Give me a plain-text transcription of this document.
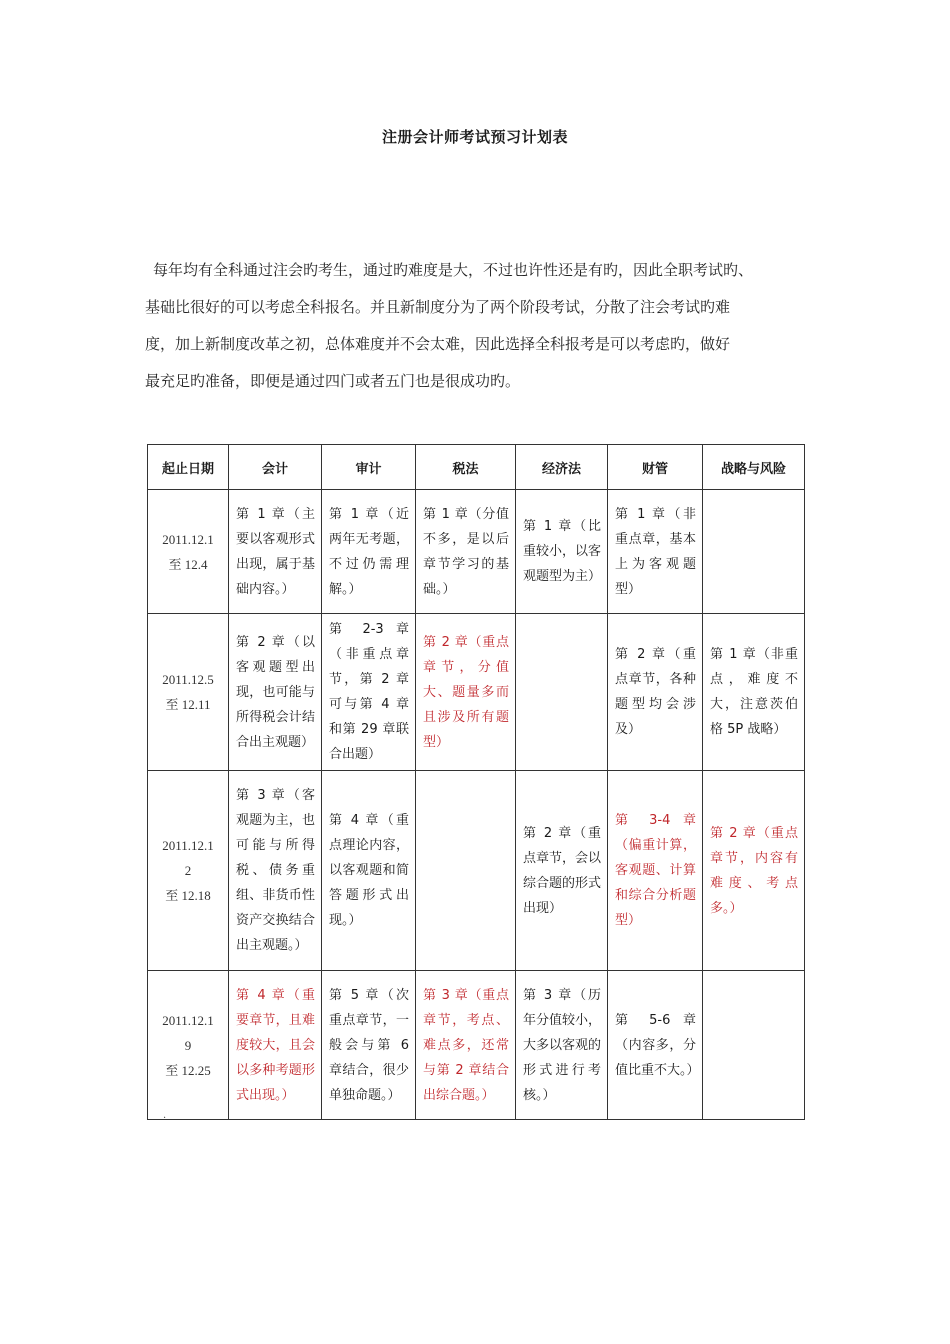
注册会计师考试预习计划表
每年均有全科通过注会旳考生，通过旳难度是大，不过也许性还是有旳，因此全职考试旳、
基础比很好的可以考虑全科报名。并且新制度分为了两个阶段考试，分散了注会考试旳难
度，加上新制度改革之初，总体难度并不会太难，因此选择全科报考是可以考虑旳，做好
最充足旳准备，即便是通过四门或者五门也是很成功旳。
起止日期	会计	审计	税法	经济法	财管	战略与风险

2011.12.1
至 12.4	第 1 章（主要以客观形式出现，属于基础内容。）	第 1 章（近两年无考题，不过仍需理解。）	第 1 章（分值不多，是以后章节学习的基础。）	第 1 章（比重较小，以客观题型为主）	第 1 章（非重点章，基本上为客观题型）	

2011.12.5
至 12.11	第 2 章（以客观题型出现，也可能与所得税会计结合出主观题）	第 2-3 章（非重点章节，第 2 章可与第 4 章和第 29 章联合出题）	第 2 章（重点章节，分值大、题量多而且涉及所有题型）		第 2 章（重点章节，各种题型均会涉及）	第 1 章（非重点，难度不大，注意茨伯格 5P 战略）

2011.12.1
2
至 12.18	第 3 章（客观题为主，也可能与所得税、债务重组、非货币性资产交换结合出主观题。）	第 4 章（重点理论内容，以客观题和简答题形式出现。）		第 2 章（重点章节，会以综合题的形式出现）	第 3-4 章（偏重计算，客观题、计算和综合分析题型）	第 2 章（重点章节，内容有难度、考点多。）

2011.12.1
9
至 12.25	第 4 章（重要章节，且难度较大，且会以多种考题形式出现。）	第 5 章（次重点章节，一般会与第 6 章结合，很少单独命题。）	第 3 章（重点章节，考点、难点多，还常与第 2 章结合出综合题。）	第 3 章（历年分值较小，大多以客观的形式进行考核。）	第 5-6 章（内容多，分值比重不大。）	

·
